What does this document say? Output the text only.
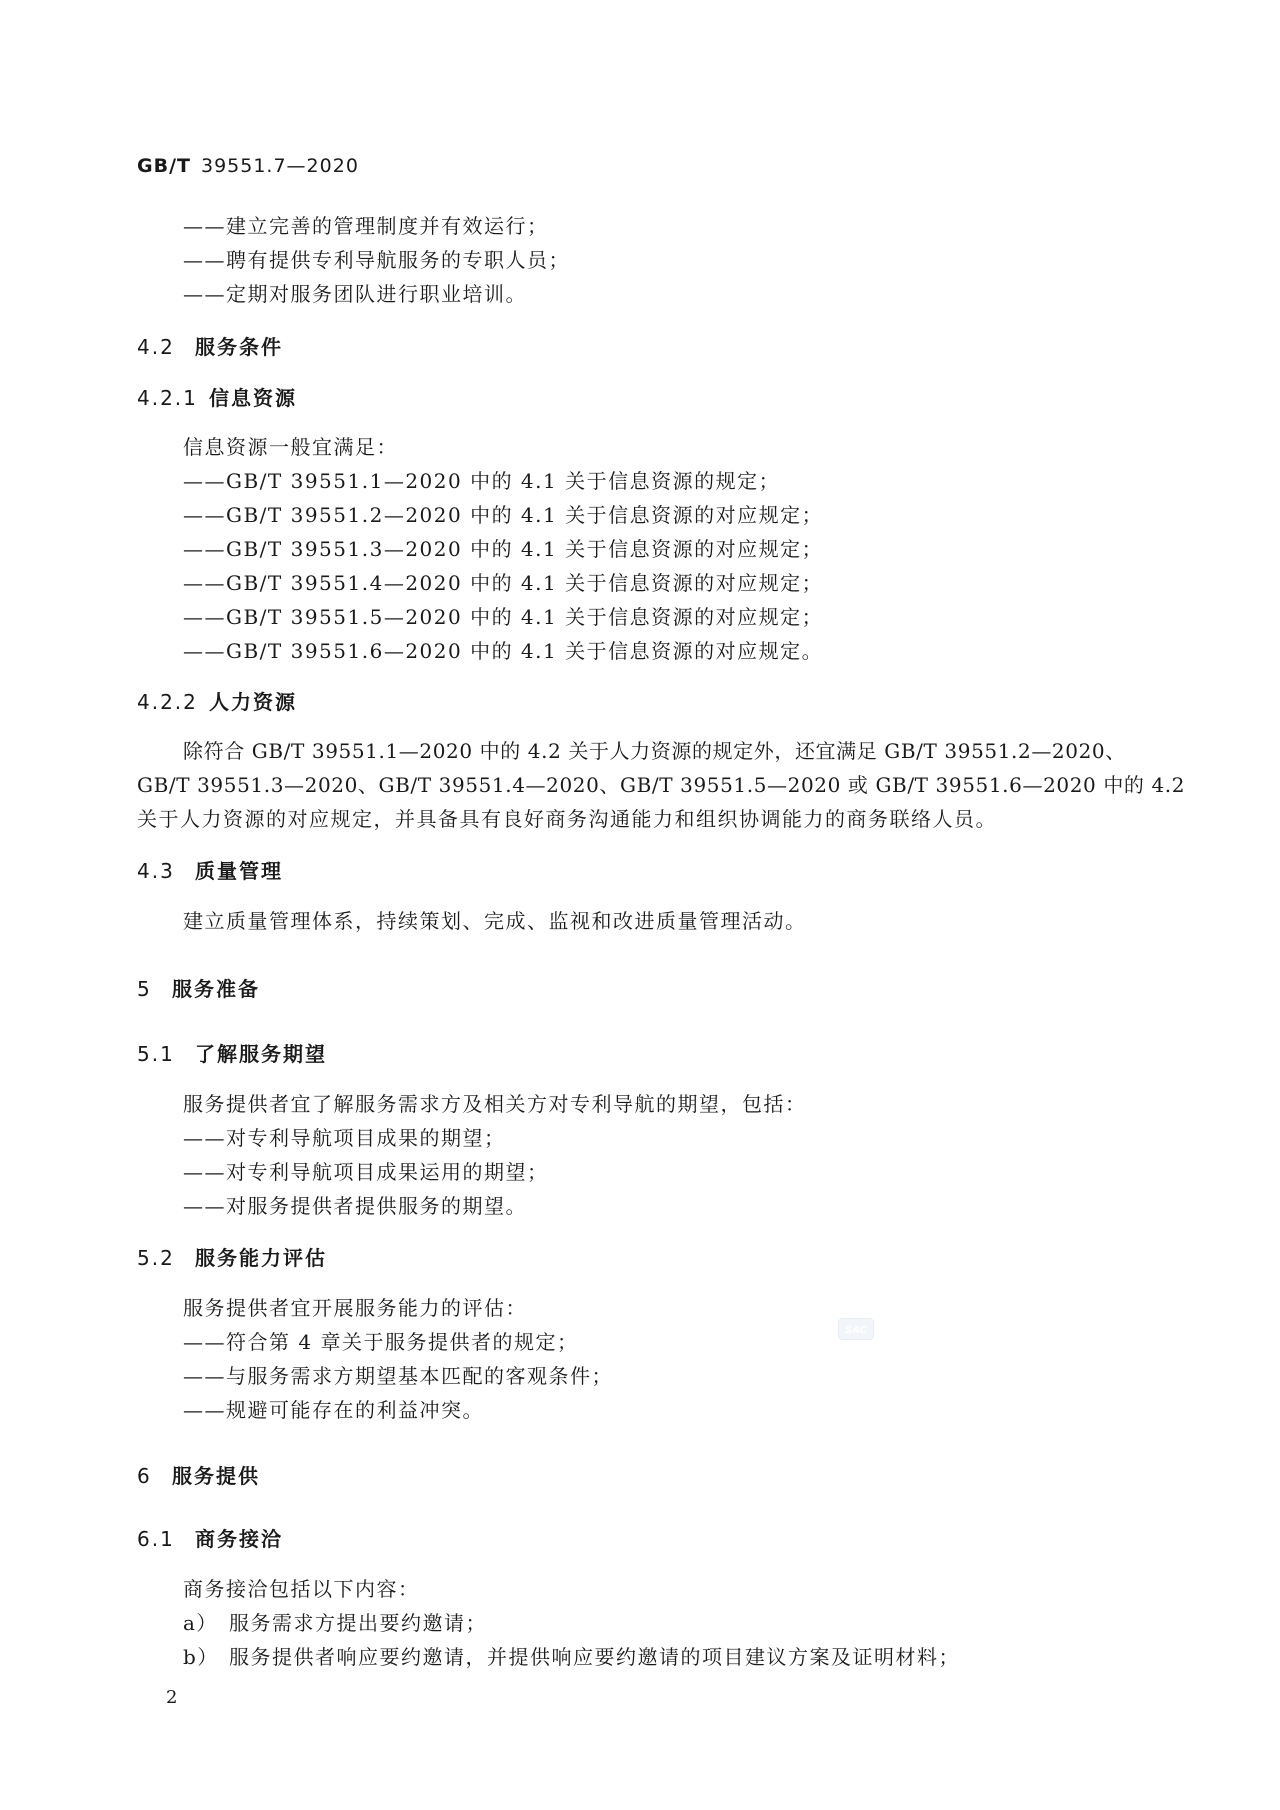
GB/T 39551.7—2020
——建立完善的管理制度并有效运行；
——聘有提供专利导航服务的专职人员；
——定期对服务团队进行职业培训。
4.2 服务条件
4.2.1 信息资源
信息资源一般宜满足：
——GB/T 39551.1—2020 中的 4.1 关于信息资源的规定；
——GB/T 39551.2—2020 中的 4.1 关于信息资源的对应规定；
——GB/T 39551.3—2020 中的 4.1 关于信息资源的对应规定；
——GB/T 39551.4—2020 中的 4.1 关于信息资源的对应规定；
——GB/T 39551.5—2020 中的 4.1 关于信息资源的对应规定；
——GB/T 39551.6—2020 中的 4.1 关于信息资源的对应规定。
4.2.2 人力资源
除符合 GB/T 39551.1—2020 中的 4.2 关于人力资源的规定外，还宜满足 GB/T 39551.2—2020、
GB/T 39551.3—2020、GB/T 39551.4—2020、GB/T 39551.5—2020 或 GB/T 39551.6—2020 中的 4.2
关于人力资源的对应规定，并具备具有良好商务沟通能力和组织协调能力的商务联络人员。
4.3 质量管理
建立质量管理体系，持续策划、完成、监视和改进质量管理活动。
5 服务准备
5.1 了解服务期望
服务提供者宜了解服务需求方及相关方对专利导航的期望，包括：
——对专利导航项目成果的期望；
——对专利导航项目成果运用的期望；
——对服务提供者提供服务的期望。
5.2 服务能力评估
服务提供者宜开展服务能力的评估：
——符合第 4 章关于服务提供者的规定；
——与服务需求方期望基本匹配的客观条件；
——规避可能存在的利益冲突。
6 服务提供
6.1 商务接洽
商务接洽包括以下内容：
a） 服务需求方提出要约邀请；
b） 服务提供者响应要约邀请，并提供响应要约邀请的项目建议方案及证明材料；
2
SAC
